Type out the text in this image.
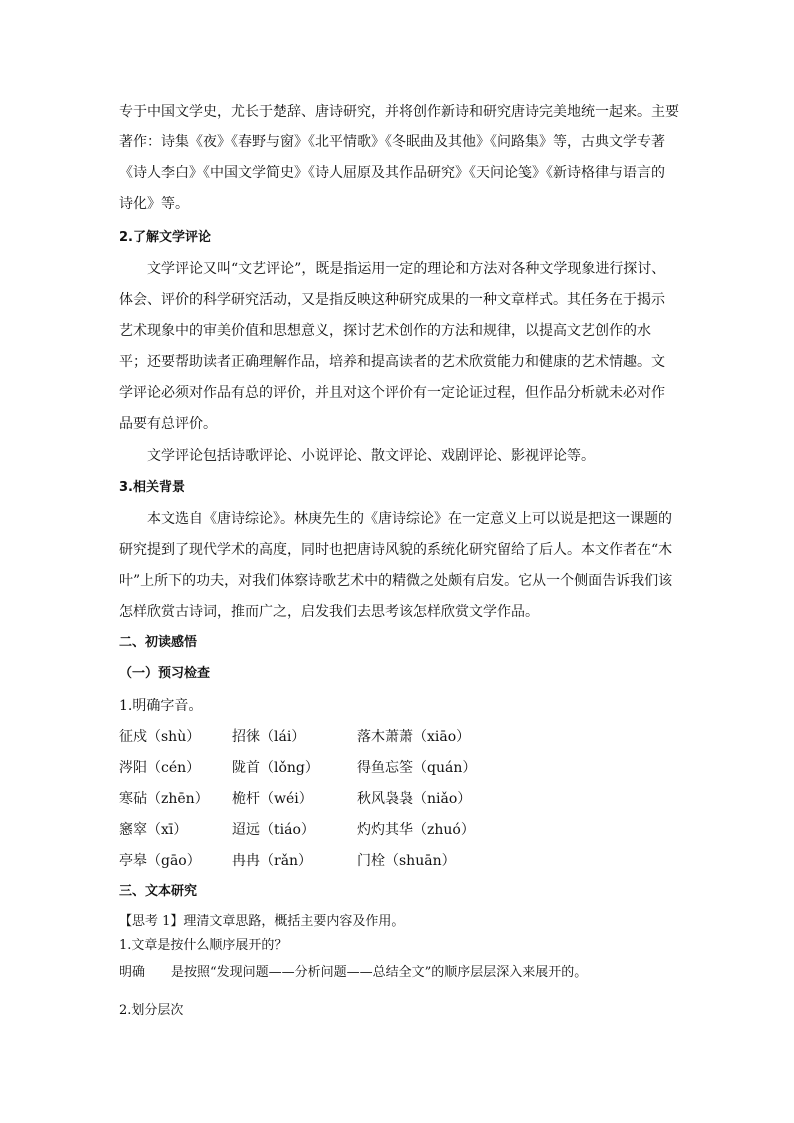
专于中国文学史，尤长于楚辞、唐诗研究，并将创作新诗和研究唐诗完美地统一起来。主要
著作：诗集《夜》《春野与窗》《北平情歌》《冬眠曲及其他》《问路集》等，古典文学专著
《诗人李白》《中国文学简史》《诗人屈原及其作品研究》《天问论笺》《新诗格律与语言的
诗化》等。
2.了解文学评论
文学评论又叫“文艺评论”，既是指运用一定的理论和方法对各种文学现象进行探讨、
体会、评价的科学研究活动，又是指反映这种研究成果的一种文章样式。其任务在于揭示
艺术现象中的审美价值和思想意义，探讨艺术创作的方法和规律，以提高文艺创作的水
平；还要帮助读者正确理解作品，培养和提高读者的艺术欣赏能力和健康的艺术情趣。文
学评论必须对作品有总的评价，并且对这个评价有一定论证过程，但作品分析就未必对作
品要有总评价。
文学评论包括诗歌评论、小说评论、散文评论、戏剧评论、影视评论等。
3.相关背景
本文选自《唐诗综论》。林庚先生的《唐诗综论》在一定意义上可以说是把这一课题的
研究提到了现代学术的高度，同时也把唐诗风貌的系统化研究留给了后人。本文作者在“木
叶”上所下的功夫，对我们体察诗歌艺术中的精微之处颇有启发。它从一个侧面告诉我们该
怎样欣赏古诗词，推而广之，启发我们去思考该怎样欣赏文学作品。
二、初读感悟
（一）预习检查
1.明确字音。
征戍（shù） 招徕（lái）	落木萧萧（xiāo）
涔阳（cén） 陇首（lǒng）	得鱼忘筌（quán）
寒砧（zhēn） 桅杆（wéi）	秋风袅袅（niǎo）
窸窣（xī）	迢远（tiáo）	灼灼其华（zhuó）
亭皋（gāo） 冉冉（rǎn）	门栓（shuān）
三、文本研究
【思考 1】理清文章思路，概括主要内容及作用。
1.文章是按什么顺序展开的？
明确　　是按照“发现问题——分析问题——总结全文”的顺序层层深入来展开的。
2.划分层次
